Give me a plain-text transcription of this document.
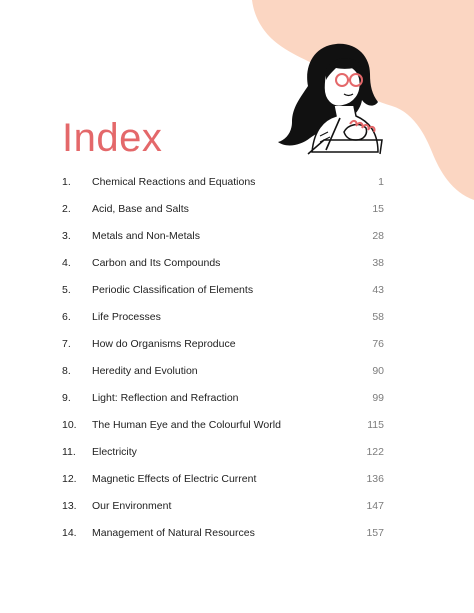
Index
1. Chemical Reactions and Equations	1
2. Acid, Base and Salts	15
3. Metals and Non-Metals	28
4. Carbon and Its Compounds	38
5. Periodic Classification of Elements	43
6. Life Processes	58
7. How do Organisms Reproduce	76
8. Heredity and Evolution	90
9. Light: Reflection and Refraction	99
10. The Human Eye and the Colourful World	115
11. Electricity	122
12. Magnetic Effects of Electric Current	136
13. Our Environment	147
14. Management of Natural Resources	157
